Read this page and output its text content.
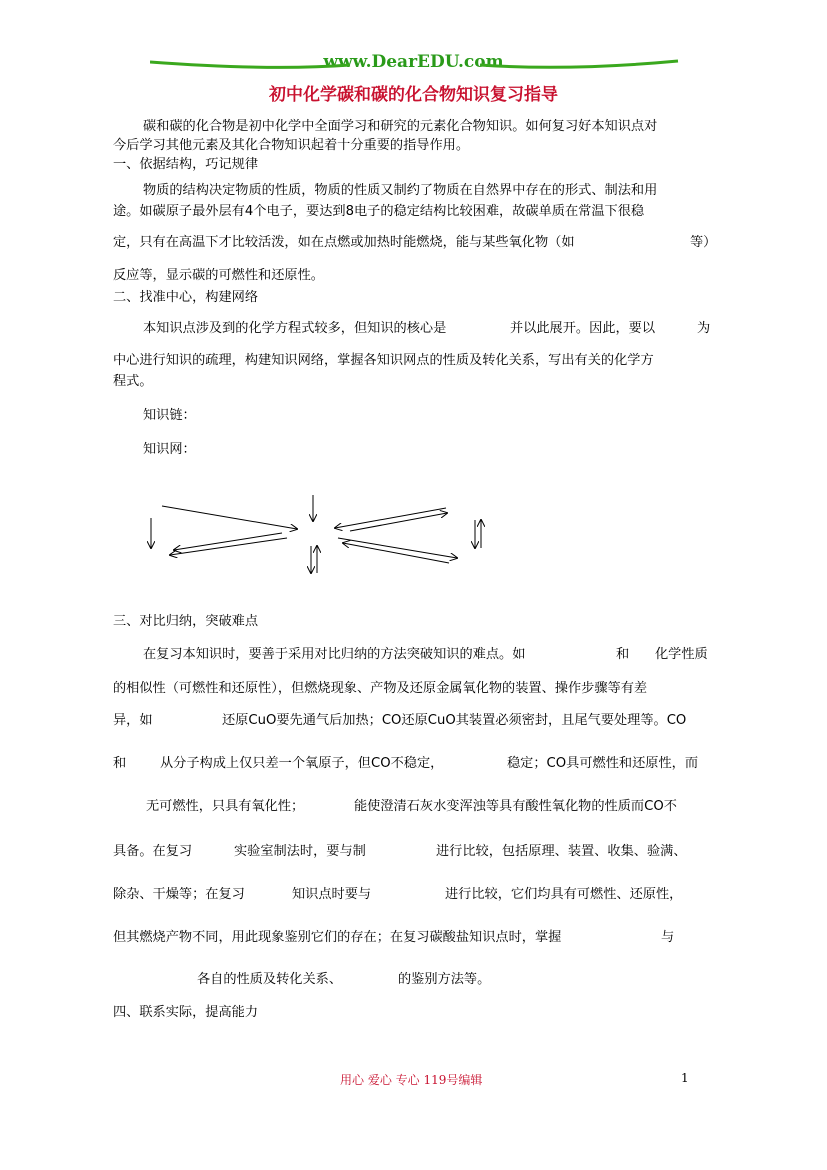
www.DearEDU.com
初中化学碳和碳的化合物知识复习指导
碳和碳的化合物是初中化学中全面学习和研究的元素化合物知识。如何复习好本知识点对
今后学习其他元素及其化合物知识起着十分重要的指导作用。
一、依据结构，巧记规律
物质的结构决定物质的性质，物质的性质又制约了物质在自然界中存在的形式、制法和用
途。如碳原子最外层有4个电子，要达到8电子的稳定结构比较困难，故碳单质在常温下很稳
定，只有在高温下才比较活泼，如在点燃或加热时能燃烧，能与某些氧化物（如	等）
反应等，显示碳的可燃性和还原性。
二、找准中心，构建网络
本知识点涉及到的化学方程式较多，但知识的核心是	并以此展开。因此，要以	为
中心进行知识的疏理，构建知识网络，掌握各知识网点的性质及转化关系，写出有关的化学方
程式。
知识链：
知识网：
三、对比归纳，突破难点
在复习本知识时，要善于采用对比归纳的方法突破知识的难点。如	和 化学性质
的相似性（可燃性和还原性），但燃烧现象、产物及还原金属氧化物的装置、操作步骤等有差
异，如	还原CuO要先通气后加热；CO还原CuO其装置必须密封，且尾气要处理等。CO
和	从分子构成上仅只差一个氧原子，但CO不稳定，	稳定；CO具可燃性和还原性，而
无可燃性，只具有氧化性；	能使澄清石灰水变浑浊等具有酸性氧化物的性质而CO不
具备。在复习	实验室制法时，要与制	进行比较，包括原理、装置、收集、验满、
除杂、干燥等；在复习	知识点时要与	进行比较，它们均具有可燃性、还原性，
但其燃烧产物不同，用此现象鉴别它们的存在；在复习碳酸盐知识点时，掌握	与
各自的性质及转化关系、	的鉴别方法等。
四、联系实际，提高能力
用心 爱心 专心 119号编辑	1
